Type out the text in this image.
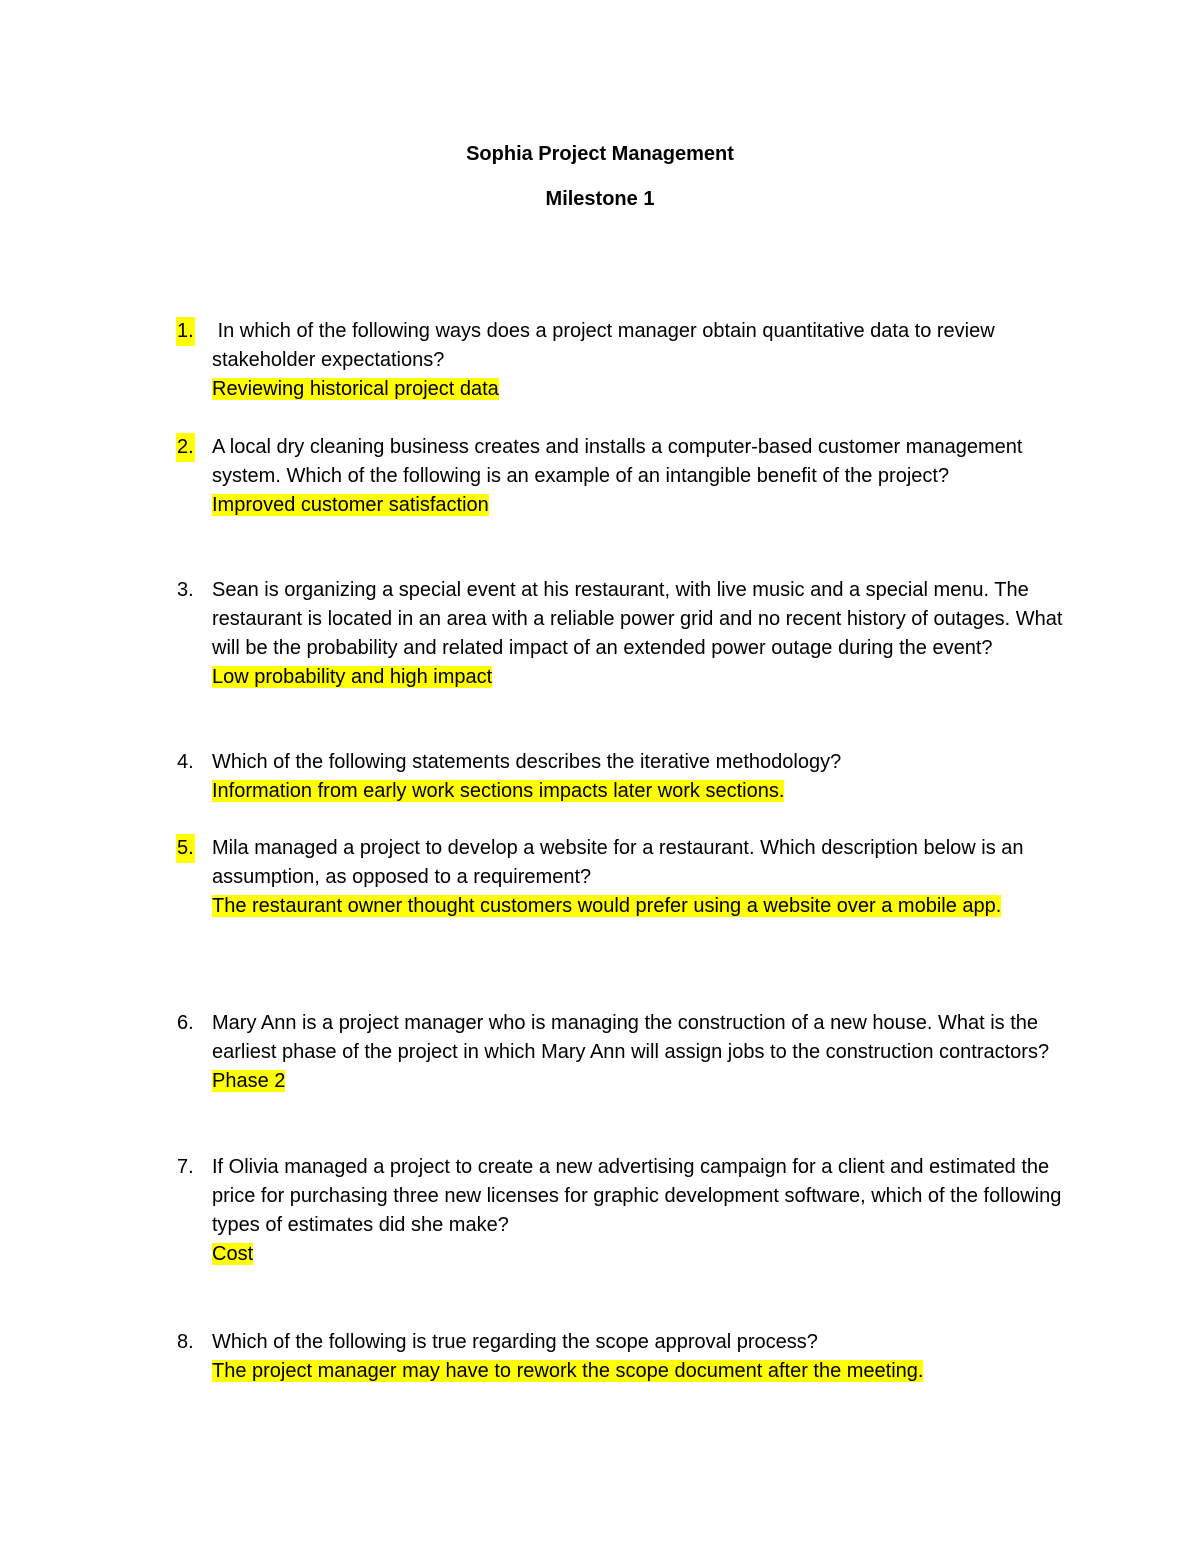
Sophia Project Management
Milestone 1
1. In which of the following ways does a project manager obtain quantitative data to review stakeholder expectations?
Reviewing historical project data
2. A local dry cleaning business creates and installs a computer-based customer management system. Which of the following is an example of an intangible benefit of the project?
Improved customer satisfaction
3. Sean is organizing a special event at his restaurant, with live music and a special menu. The restaurant is located in an area with a reliable power grid and no recent history of outages. What will be the probability and related impact of an extended power outage during the event?
Low probability and high impact
4. Which of the following statements describes the iterative methodology?
Information from early work sections impacts later work sections.
5. Mila managed a project to develop a website for a restaurant. Which description below is an assumption, as opposed to a requirement?
The restaurant owner thought customers would prefer using a website over a mobile app.
6. Mary Ann is a project manager who is managing the construction of a new house. What is the earliest phase of the project in which Mary Ann will assign jobs to the construction contractors?
Phase 2
7. If Olivia managed a project to create a new advertising campaign for a client and estimated the price for purchasing three new licenses for graphic development software, which of the following types of estimates did she make?
Cost
8. Which of the following is true regarding the scope approval process?
The project manager may have to rework the scope document after the meeting.
